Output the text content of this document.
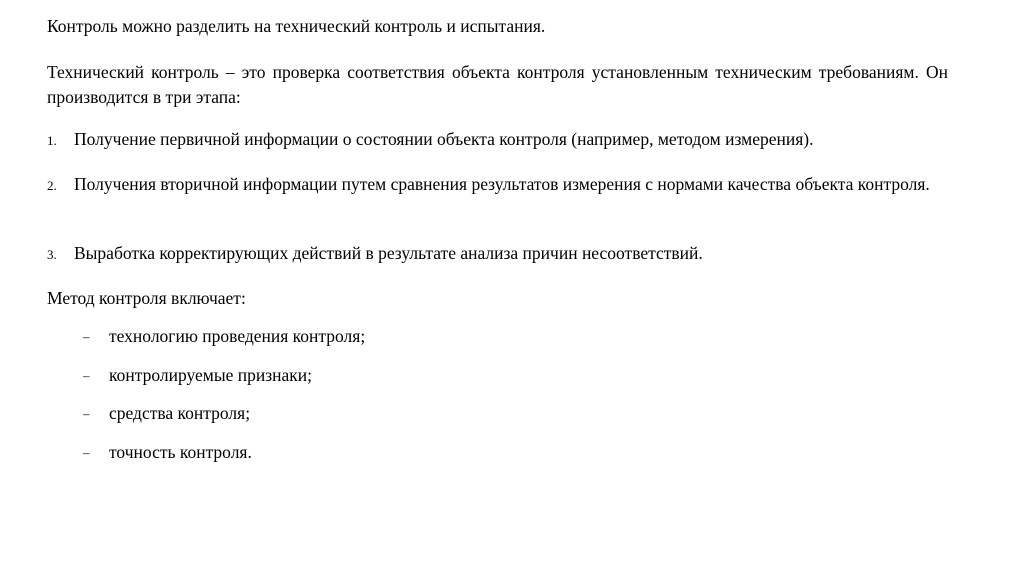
Контроль можно разделить на технический контроль и испытания.

Технический контроль – это проверка соответствия объекта контроля установленным техническим требованиям. Он производится в три этапа:

1. Получение первичной информации о состоянии объекта контроля (например, методом измерения).
2. Получения вторичной информации путем сравнения результатов измерения с нормами качества объекта контроля.
3. Выработка корректирующих действий в результате анализа причин несоответствий.

Метод контроля включает:

– технологию проведения контроля;
– контролируемые признаки;
– средства контроля;
– точность контроля.
